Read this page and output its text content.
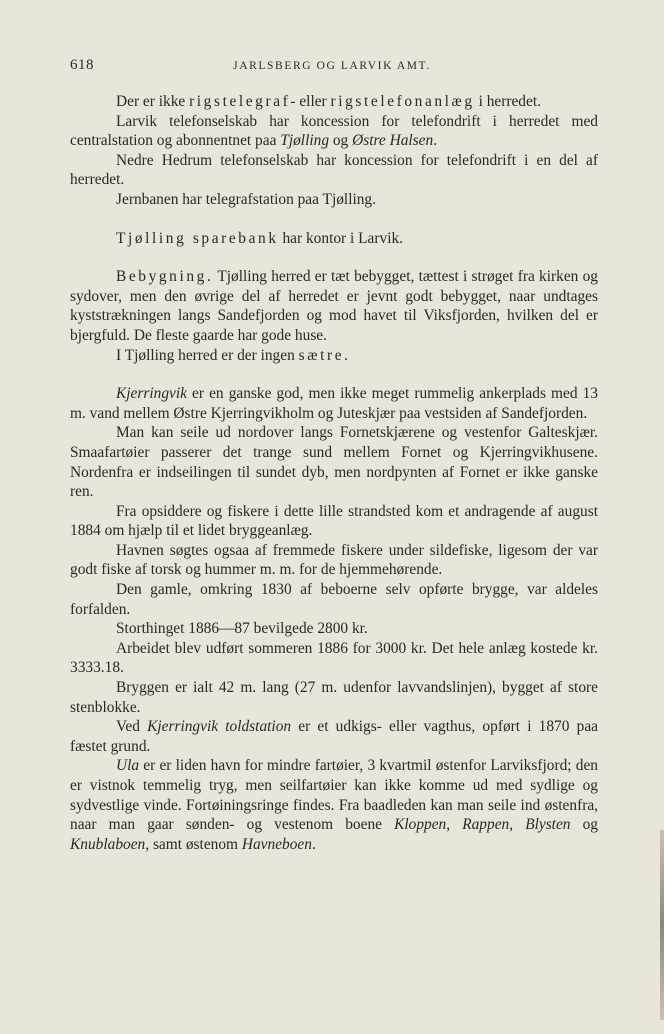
618	JARLSBERG OG LARVIK AMT.

Der er ikke rigstelegraf- eller rigstelefonanlæg i herredet.

Larvik telefonselskab har koncession for telefondrift i herredet med centralstation og abonnentnet paa Tjølling og Østre Halsen.

Nedre Hedrum telefonselskab har koncession for telefondrift i en del af herredet.

Jernbanen har telegrafstation paa Tjølling.

Tjølling sparebank har kontor i Larvik.

Bebygning. Tjølling herred er tæt bebygget, tættest i strøget fra kirken og sydover, men den øvrige del af herredet er jevnt godt bebygget, naar undtages kyststrækningen langs Sandefjorden og mod havet til Viksfjorden, hvilken del er bjergfuld. De fleste gaarde har gode huse.

I Tjølling herred er der ingen sætre.

Kjerringvik er en ganske god, men ikke meget rummelig ankerplads med 13 m. vand mellem Østre Kjerringvikholm og Juteskjær paa vestsiden af Sandefjorden.

Man kan seile ud nordover langs Fornetskjærene og vestenfor Galteskjær. Smaafartøier passerer det trange sund mellem Fornet og Kjerringvikhusene. Nordenfra er indseilingen til sundet dyb, men nordpynten af Fornet er ikke ganske ren.

Fra opsiddere og fiskere i dette lille strandsted kom et andragende af august 1884 om hjælp til et lidet bryggeanlæg.

Havnen søgtes ogsaa af fremmede fiskere under sildefiske, ligesom der var godt fiske af torsk og hummer m. m. for de hjemmehørende.

Den gamle, omkring 1830 af beboerne selv opførte brygge, var aldeles forfalden.

Storthinget 1886—87 bevilgede 2800 kr.

Arbeidet blev udført sommeren 1886 for 3000 kr. Det hele anlæg kostede kr. 3333.18.

Bryggen er ialt 42 m. lang (27 m. udenfor lavvandslinjen), bygget af store stenblokke.

Ved Kjerringvik toldstation er et udkigs- eller vagthus, opført i 1870 paa fæstet grund.

Ula er er liden havn for mindre fartøier, 3 kvartmil østenfor Larviksfjord; den er vistnok temmelig tryg, men seilfartøier kan ikke komme ud med sydlige og sydvestlige vinde. Fortøiningsringe findes. Fra baadleden kan man seile ind østenfra, naar man gaar sønden- og vestenom boene Kloppen, Rappen, Blysten og Knublaboen, samt østenom Havneboen.
